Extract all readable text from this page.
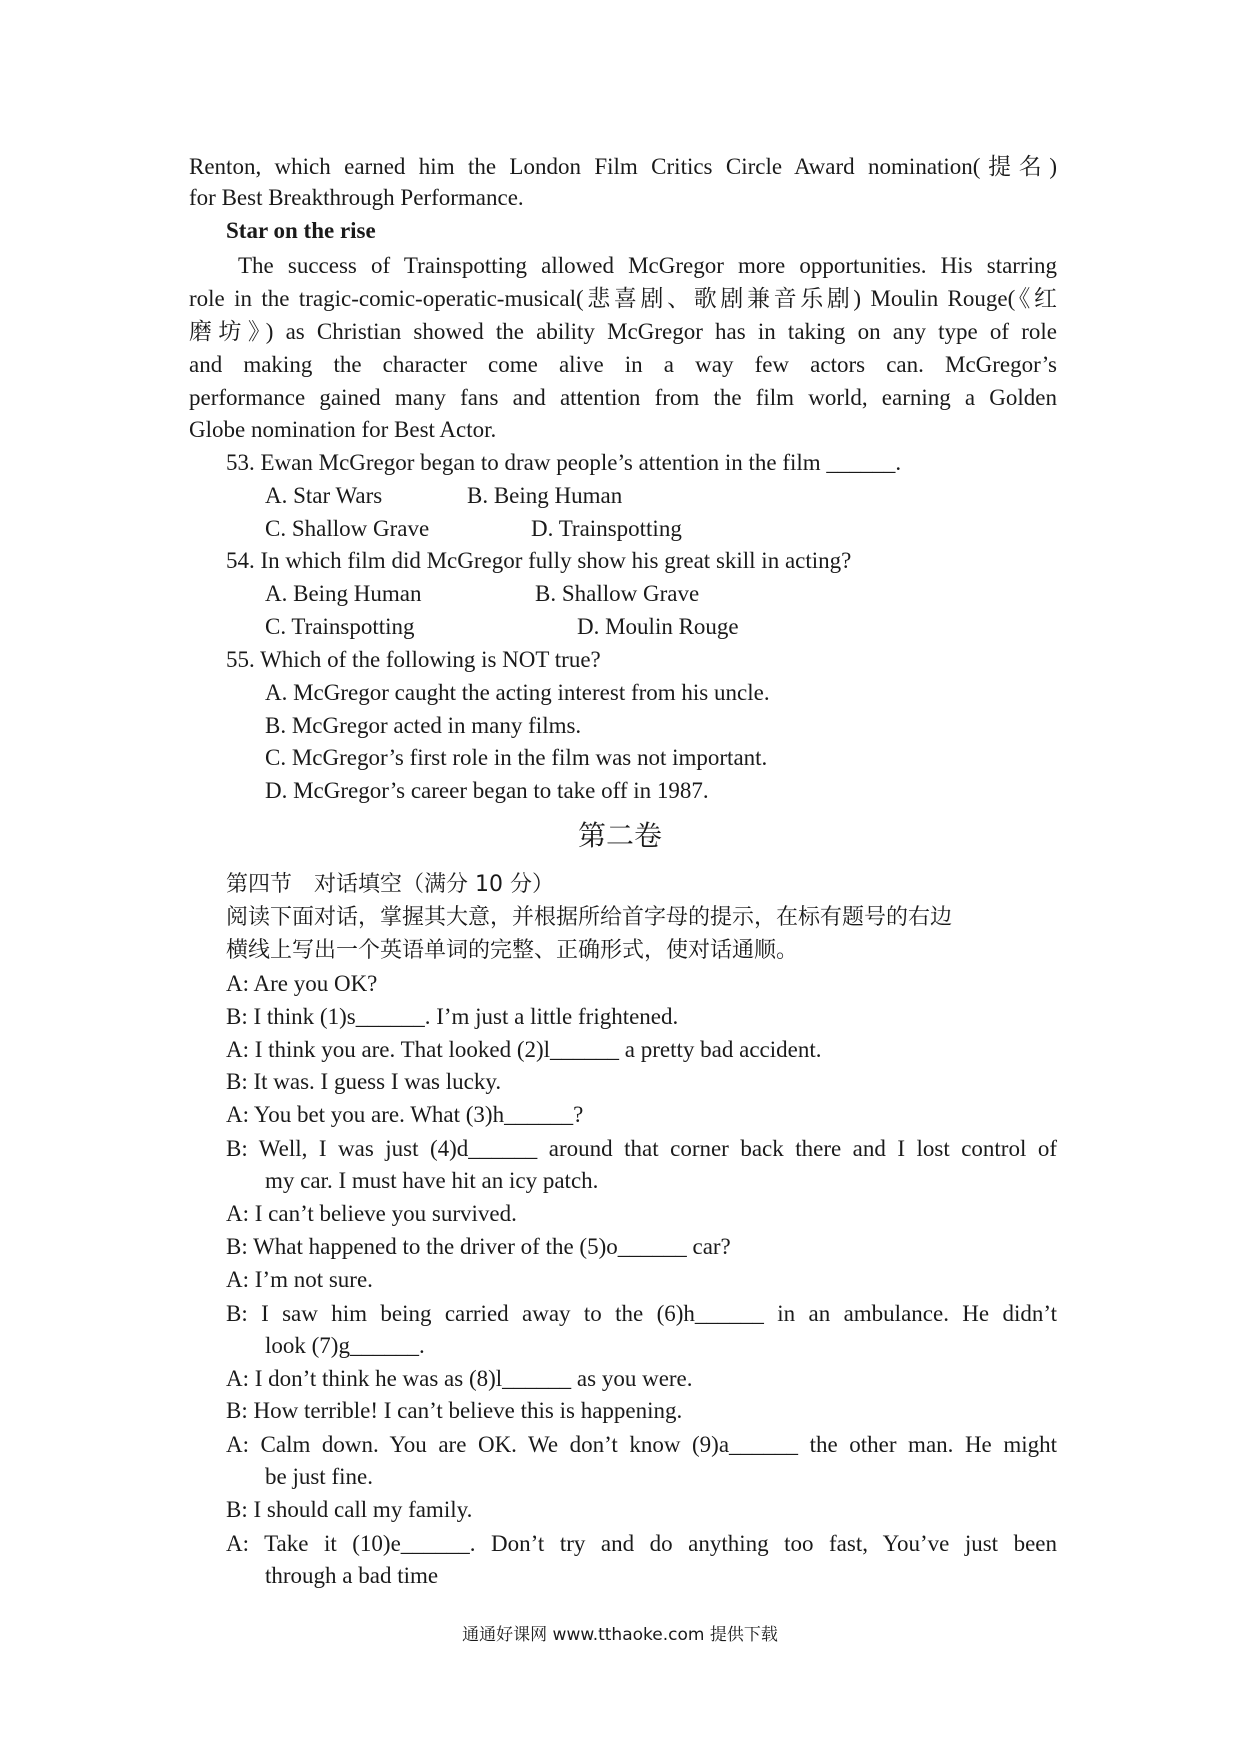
Renton, which earned him the London Film Critics Circle Award nomination(提名)
for Best Breakthrough Performance.
Star on the rise
The success of Trainspotting allowed McGregor more opportunities. His starring
role in the tragic-comic-operatic-musical(悲喜剧、歌剧兼音乐剧) Moulin Rouge(《红
磨坊》) as Christian showed the ability McGregor has in taking on any type of role
and making the character come alive in a way few actors can. McGregor’s
performance gained many fans and attention from the film world, earning a Golden
Globe nomination for Best Actor.
53. Ewan McGregor began to draw people’s attention in the film ______.
A. Star Wars	B. Being Human
C. Shallow Grave	D. Trainspotting
54. In which film did McGregor fully show his great skill in acting?
A. Being Human	B. Shallow Grave
C. Trainspotting	D. Moulin Rouge
55. Which of the following is NOT true?
A. McGregor caught the acting interest from his uncle.
B. McGregor acted in many films.
C. McGregor’s first role in the film was not important.
D. McGregor’s career began to take off in 1987.
第二卷
第四节　对话填空（满分 10 分）
阅读下面对话，掌握其大意，并根据所给首字母的提示，在标有题号的右边
横线上写出一个英语单词的完整、正确形式，使对话通顺。
A: Are you OK?
B: I think (1)s______. I’m just a little frightened.
A: I think you are. That looked (2)l______ a pretty bad accident.
B: It was. I guess I was lucky.
A: You bet you are. What (3)h______?
B: Well, I was just (4)d______ around that corner back there and I lost control of
my car. I must have hit an icy patch.
A: I can’t believe you survived.
B: What happened to the driver of the (5)o______ car?
A: I’m not sure.
B: I saw him being carried away to the (6)h______ in an ambulance. He didn’t
look (7)g______.
A: I don’t think he was as (8)l______ as you were.
B: How terrible! I can’t believe this is happening.
A: Calm down. You are OK. We don’t know (9)a______ the other man. He might
be just fine.
B: I should call my family.
A: Take it (10)e______. Don’t try and do anything too fast, You’ve just been
through a bad time
通通好课网 www.tthaoke.com 提供下载
